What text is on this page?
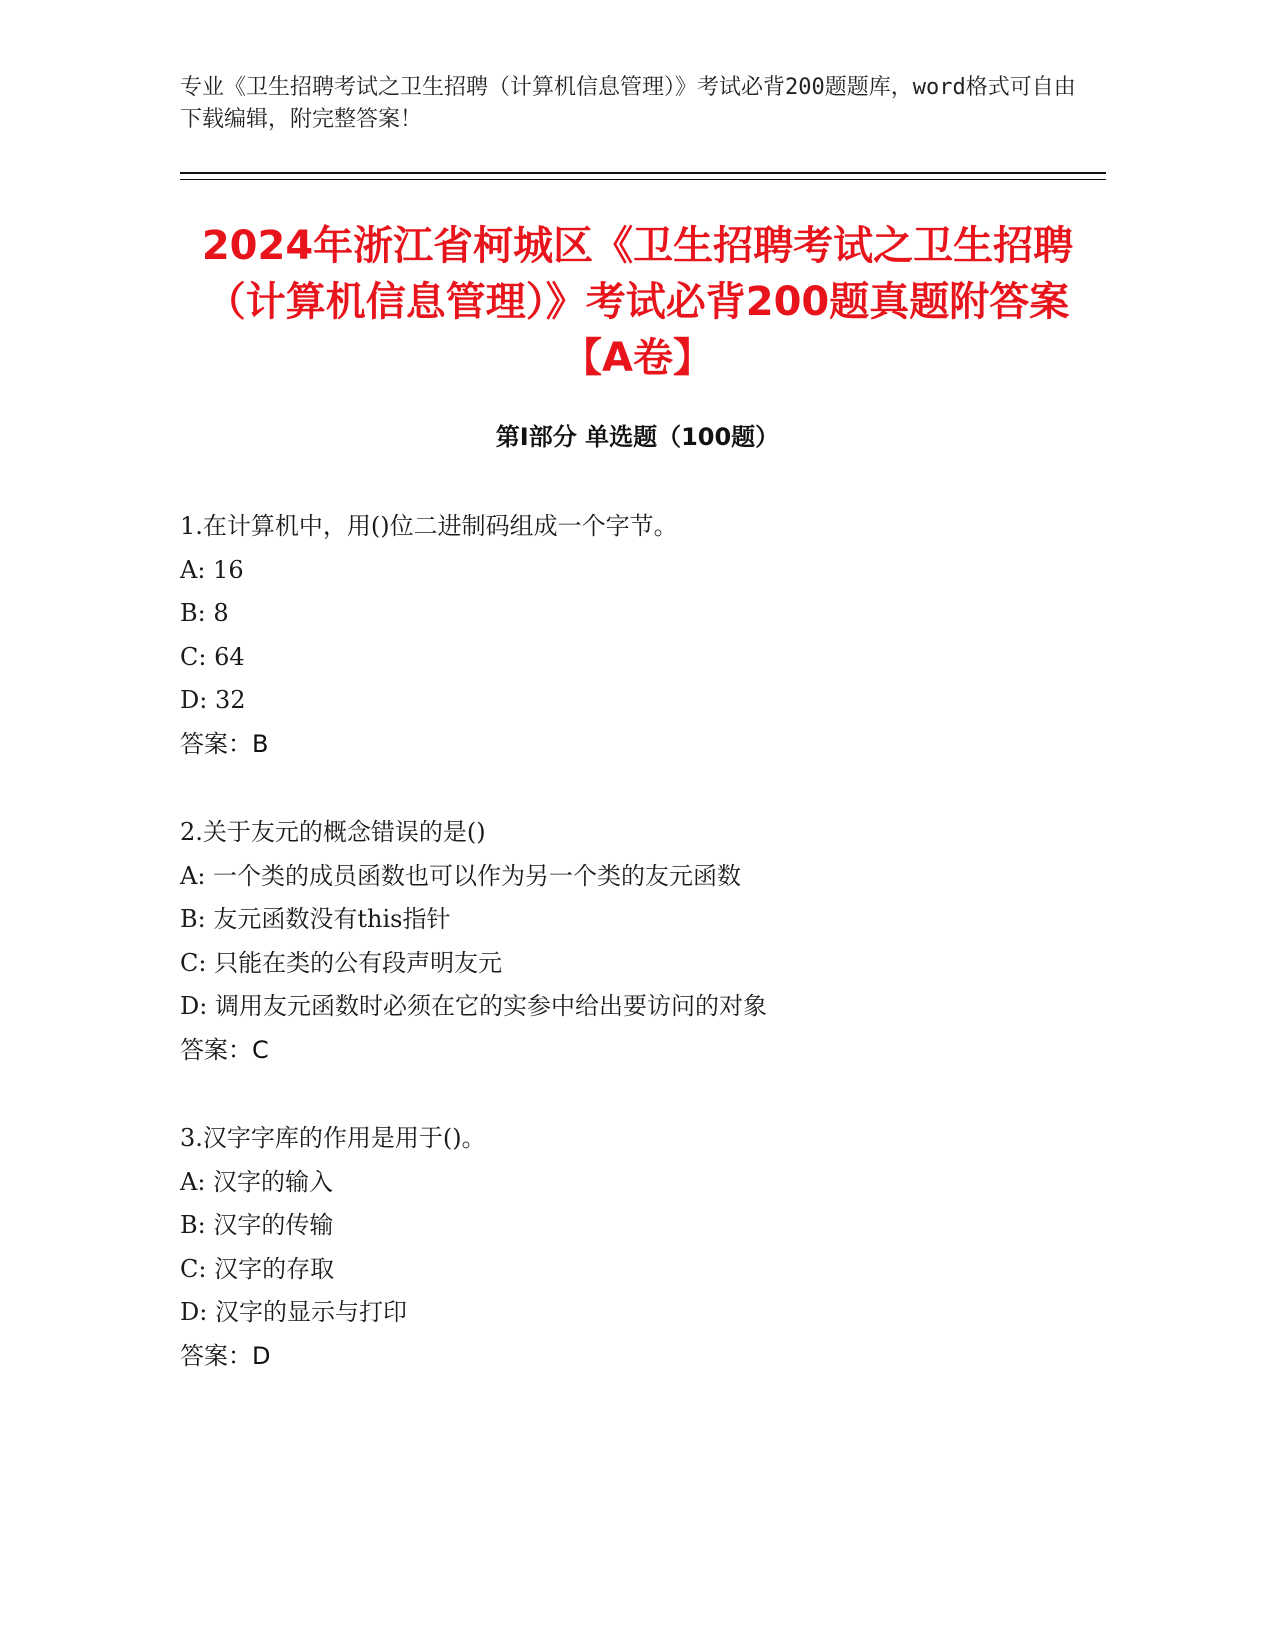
专业《卫生招聘考试之卫生招聘（计算机信息管理）》考试必背200题题库，word格式可自由下载编辑，附完整答案！
2024年浙江省柯城区《卫生招聘考试之卫生招聘（计算机信息管理）》考试必背200题真题附答案【A卷】
第Ⅰ部分 单选题（100题）
1.在计算机中，用()位二进制码组成一个字节。
A: 16
B: 8
C: 64
D: 32
答案：B
2.关于友元的概念错误的是()
A: 一个类的成员函数也可以作为另一个类的友元函数
B: 友元函数没有this指针
C: 只能在类的公有段声明友元
D: 调用友元函数时必须在它的实参中给出要访问的对象
答案：C
3.汉字字库的作用是用于()。
A: 汉字的输入
B: 汉字的传输
C: 汉字的存取
D: 汉字的显示与打印
答案：D
